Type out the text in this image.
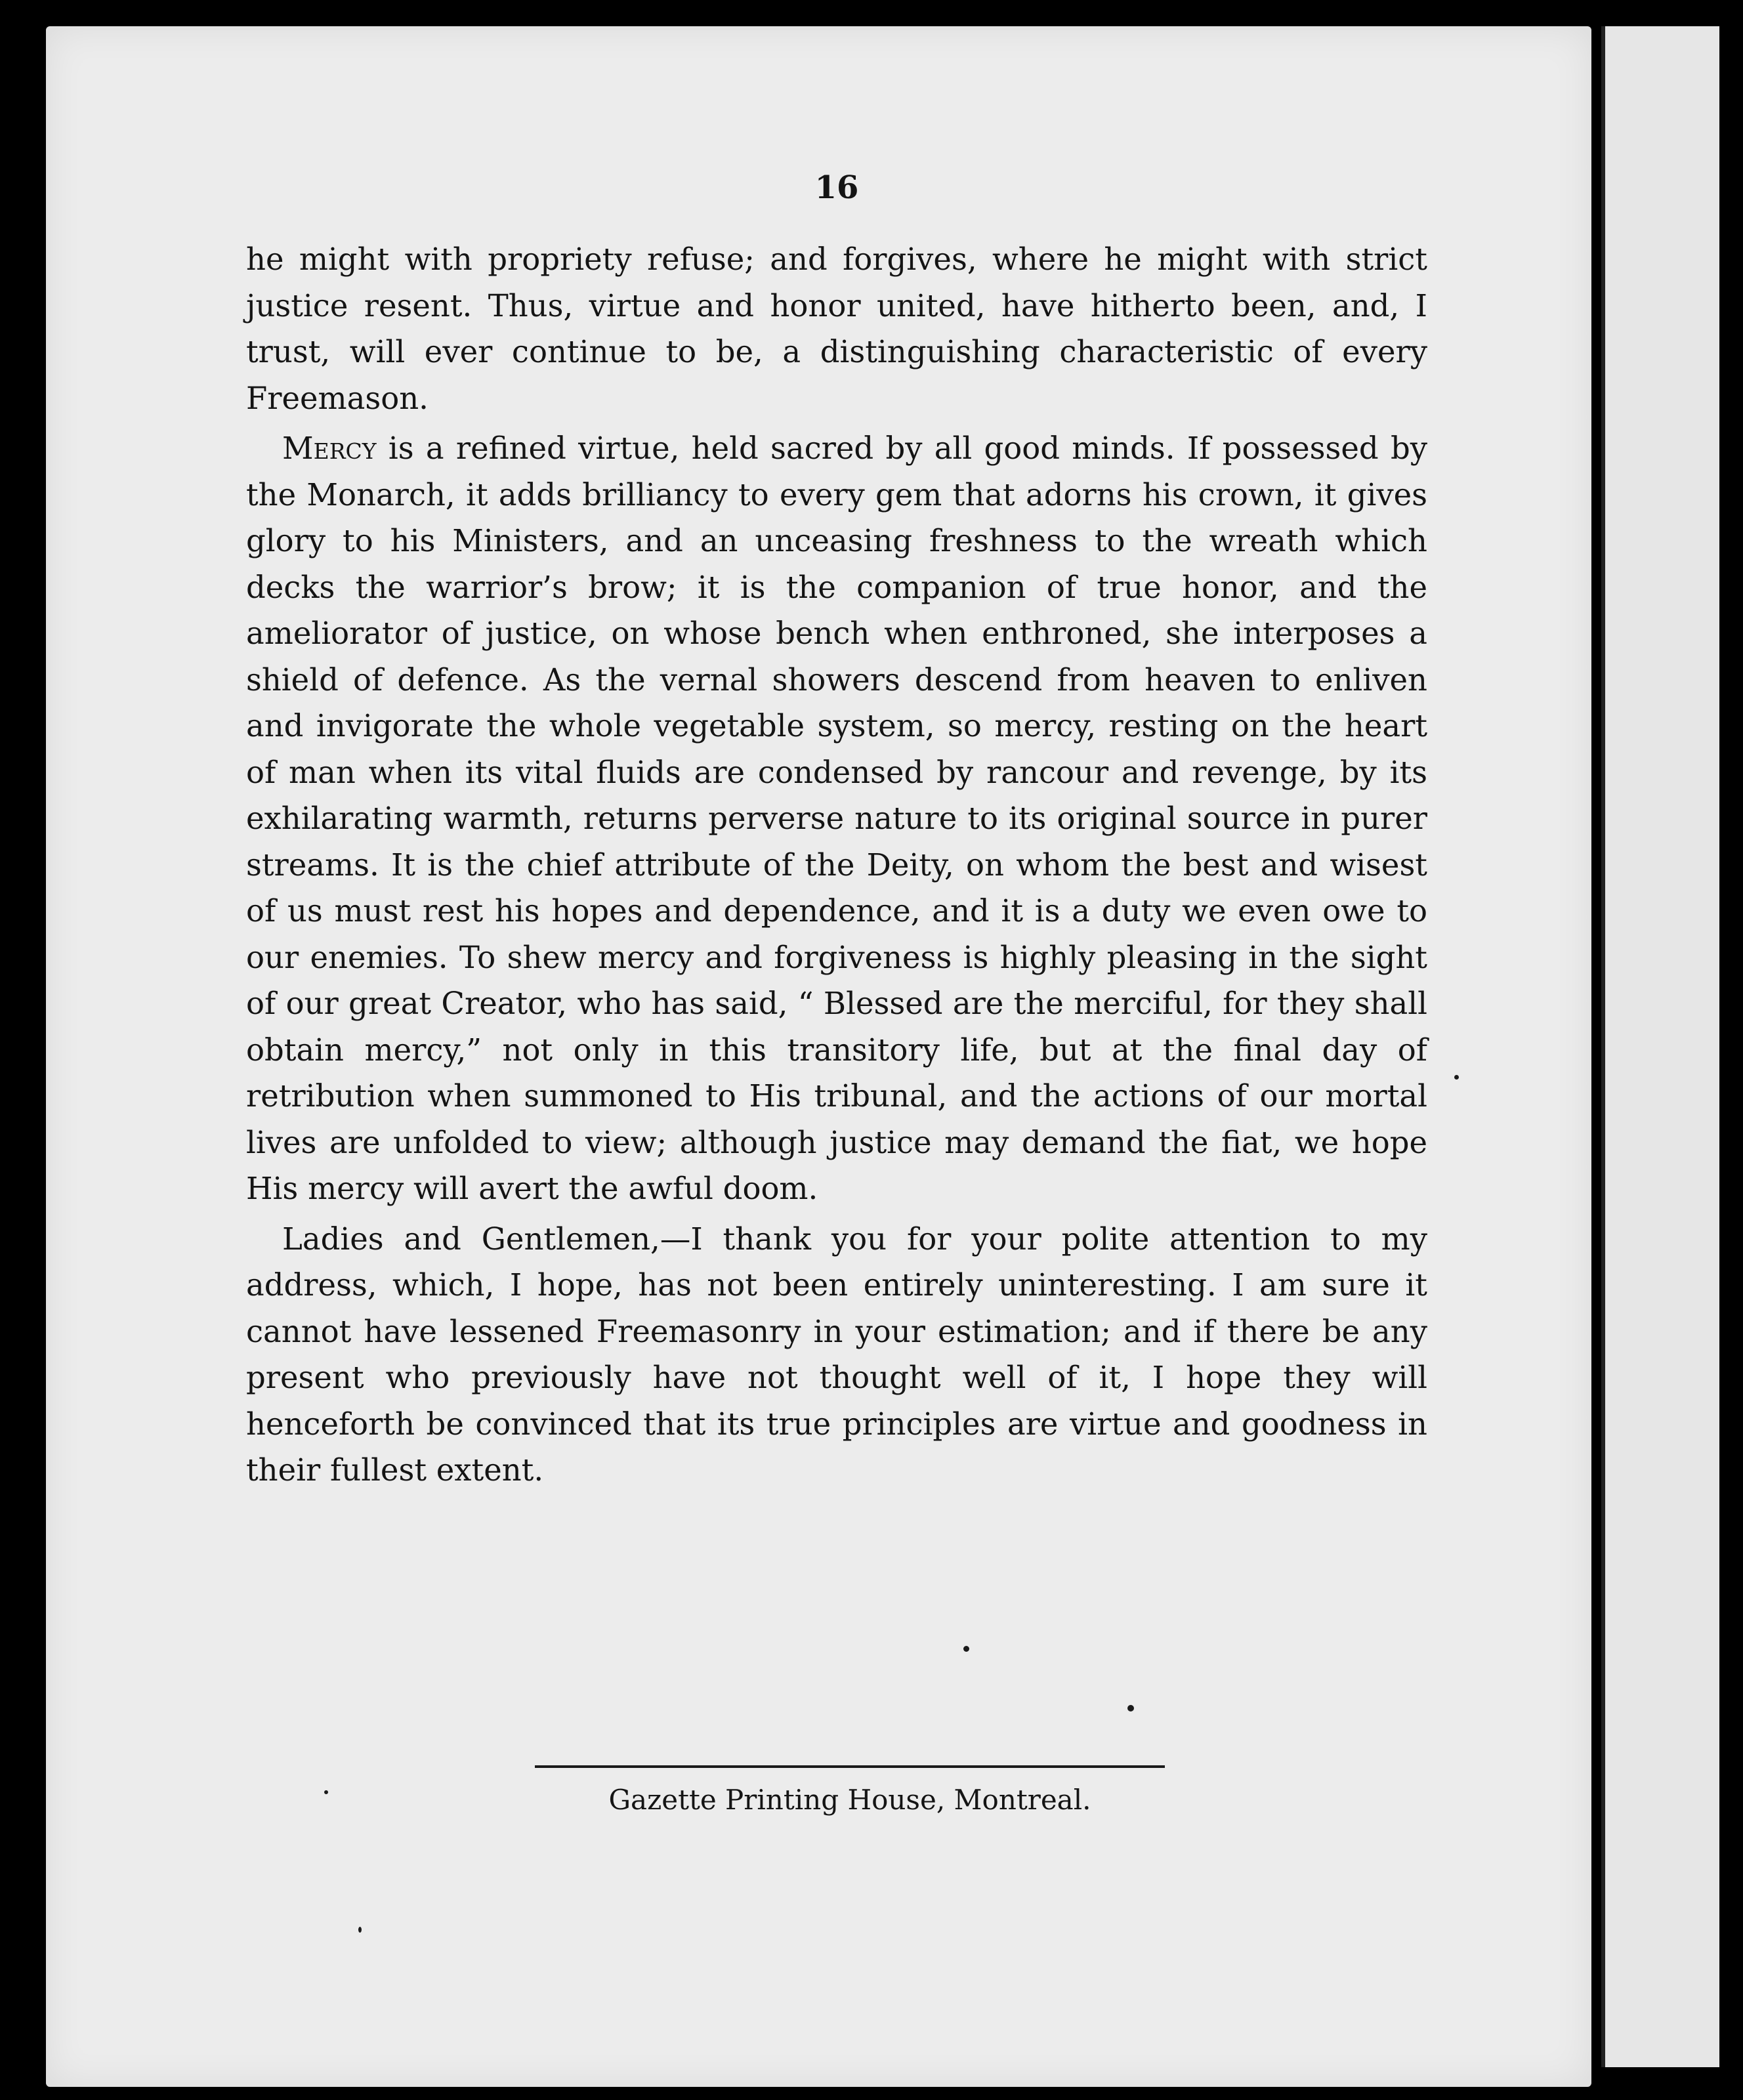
16

he might with propriety refuse; and forgives, where he might with strict justice resent. Thus, virtue and honor united, have hitherto been, and, I trust, will ever continue to be, a distinguishing characteristic of every Freemason.

Mercy is a refined virtue, held sacred by all good minds. If possessed by the Monarch, it adds brilliancy to every gem that adorns his crown, it gives glory to his Ministers, and an unceasing freshness to the wreath which decks the warrior’s brow; it is the companion of true honor, and the ameliorator of justice, on whose bench when enthroned, she interposes a shield of defence. As the vernal showers descend from heaven to enliven and invigorate the whole vegetable system, so mercy, resting on the heart of man when its vital fluids are condensed by rancour and revenge, by its exhilarating warmth, returns perverse nature to its original source in purer streams. It is the chief attribute of the Deity, on whom the best and wisest of us must rest his hopes and dependence, and it is a duty we even owe to our enemies. To shew mercy and forgiveness is highly pleasing in the sight of our great Creator, who has said, “ Blessed are the merciful, for they shall obtain mercy,” not only in this transitory life, but at the final day of retribution when summoned to His tribunal, and the actions of our mortal lives are unfolded to view; although justice may demand the fiat, we hope His mercy will avert the awful doom.

Ladies and Gentlemen,—I thank you for your polite attention to my address, which, I hope, has not been entirely uninteresting. I am sure it cannot have lessened Freemasonry in your estimation; and if there be any present who previously have not thought well of it, I hope they will henceforth be convinced that its true principles are virtue and goodness in their fullest extent.

Gazette Printing House, Montreal.
